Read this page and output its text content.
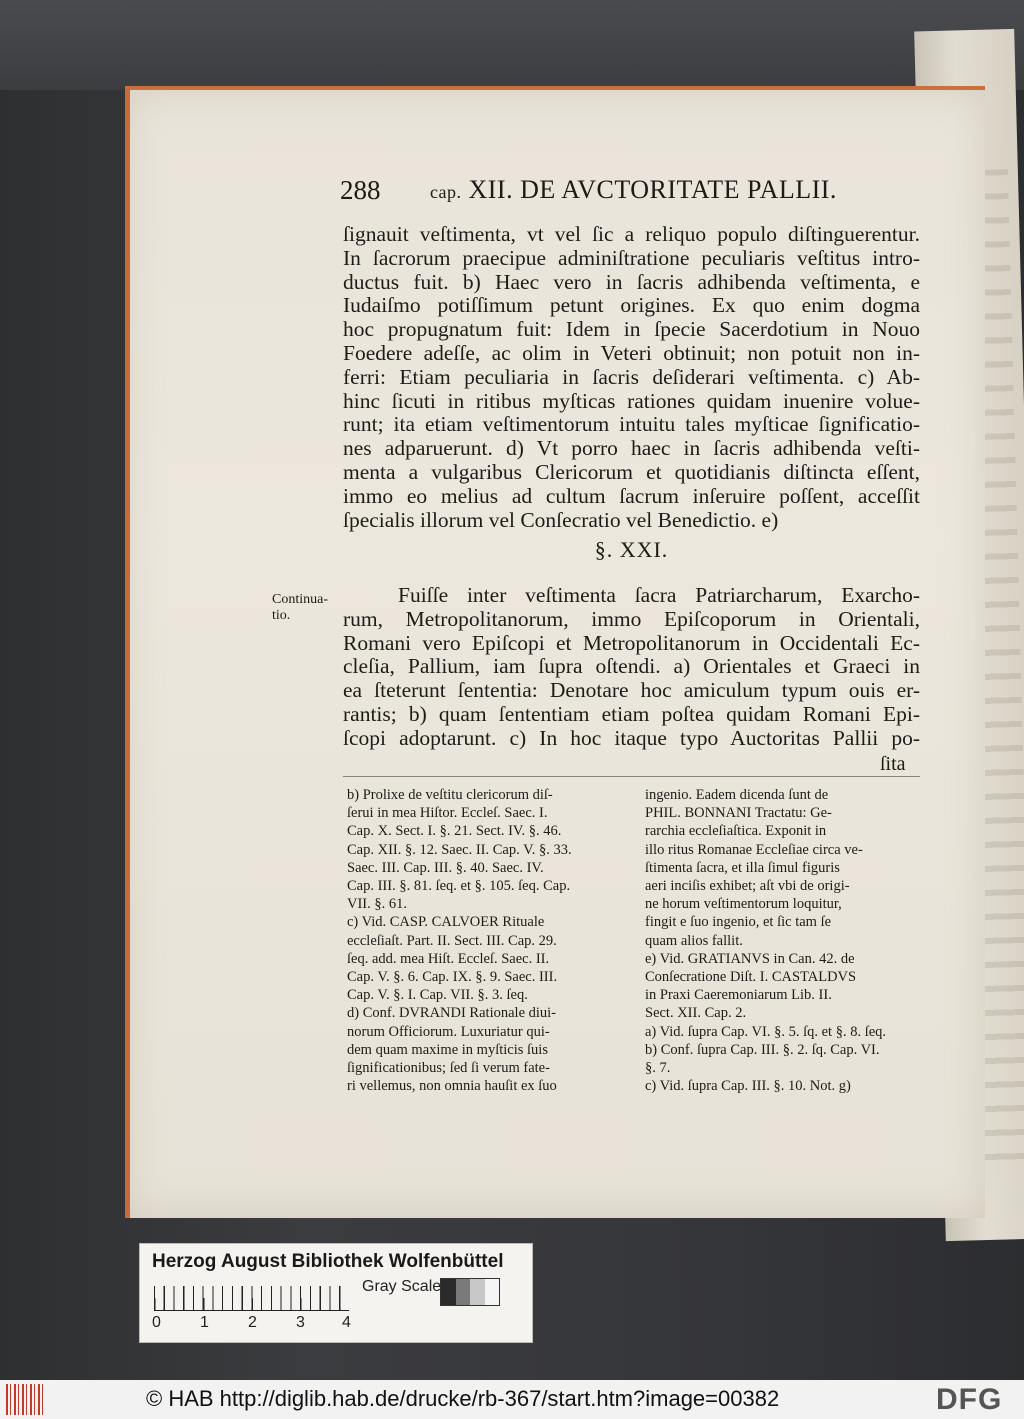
288	cap. XII. DE AVCTORITATE PALLII.
ſignauit veſtimenta, vt vel ſic a reliquo populo diſtinguerentur.
In ſacrorum praecipue adminiſtratione peculiaris veſtitus intro-
ductus fuit. b) Haec vero in ſacris adhibenda veſtimenta, e
Iudaiſmo potiſſimum petunt origines. Ex quo enim dogma
hoc propugnatum fuit: Idem in ſpecie Sacerdotium in Nouo
Foedere adeſſe, ac olim in Veteri obtinuit; non potuit non in-
ferri: Etiam peculiaria in ſacris deſiderari veſtimenta. c) Ab-
hinc ſicuti in ritibus myſticas rationes quidam inuenire volue-
runt; ita etiam veſtimentorum intuitu tales myſticae ſignificatio-
nes adparuerunt. d) Vt porro haec in ſacris adhibenda veſti-
menta a vulgaribus Clericorum et quotidianis diſtincta eſſent,
immo eo melius ad cultum ſacrum inſeruire poſſent, acceſſit
ſpecialis illorum vel Conſecratio vel Benedictio. e)
§. XXI.
Continua-
tio.
Fuiſſe inter veſtimenta ſacra Patriarcharum, Exarcho-
rum, Metropolitanorum, immo Epiſcoporum in Orientali,
Romani vero Epiſcopi et Metropolitanorum in Occidentali Ec-
cleſia, Pallium, iam ſupra oſtendi. a) Orientales et Graeci in
ea ſteterunt ſententia: Denotare hoc amiculum typum ouis er-
rantis; b) quam ſententiam etiam poſtea quidam Romani Epi-
ſcopi adoptarunt. c) In hoc itaque typo Auctoritas Pallii po-
ſita
b) Prolixe de veſtitu clericorum diſ-
ſerui in mea Hiſtor. Eccleſ. Saec. I.
Cap. X. Sect. I. §. 21. Sect. IV. §. 46.
Cap. XII. §. 12. Saec. II. Cap. V. §. 33.
Saec. III. Cap. III. §. 40. Saec. IV.
Cap. III. §. 81. ſeq. et §. 105. ſeq. Cap.
VII. §. 61.
c) Vid. CASP. CALVOER Rituale
eccleſiaſt. Part. II. Sect. III. Cap. 29.
ſeq. add. mea Hiſt. Eccleſ. Saec. II.
Cap. V. §. 6. Cap. IX. §. 9. Saec. III.
Cap. V. §. I. Cap. VII. §. 3. ſeq.
d) Conf. DVRANDI Rationale diui-
norum Officiorum. Luxuriatur qui-
dem quam maxime in myſticis ſuis
ſignificationibus; ſed ſi verum fate-
ri vellemus, non omnia hauſit ex ſuo
ingenio. Eadem dicenda ſunt de
PHIL. BONNANI Tractatu: Ge-
rarchia eccleſiaſtica. Exponit in
illo ritus Romanae Eccleſiae circa ve-
ſtimenta ſacra, et illa ſimul figuris
aeri inciſis exhibet; aſt vbi de origi-
ne horum veſtimentorum loquitur,
fingit e ſuo ingenio, et ſic tam ſe
quam alios fallit.
e) Vid. GRATIANVS in Can. 42. de
Conſecratione Diſt. I. CASTALDVS
in Praxi Caeremoniarum Lib. II.
Sect. XII. Cap. 2.
a) Vid. ſupra Cap. VI. §. 5. ſq. et §. 8. ſeq.
b) Conf. ſupra Cap. III. §. 2. ſq. Cap. VI.
§. 7.
c) Vid. ſupra Cap. III. §. 10. Not. g)
Herzog August Bibliothek Wolfenbüttel
0 1 2 3 4
Gray Scale
© HAB http://diglib.hab.de/drucke/rb-367/start.htm?image=00382	DFG
